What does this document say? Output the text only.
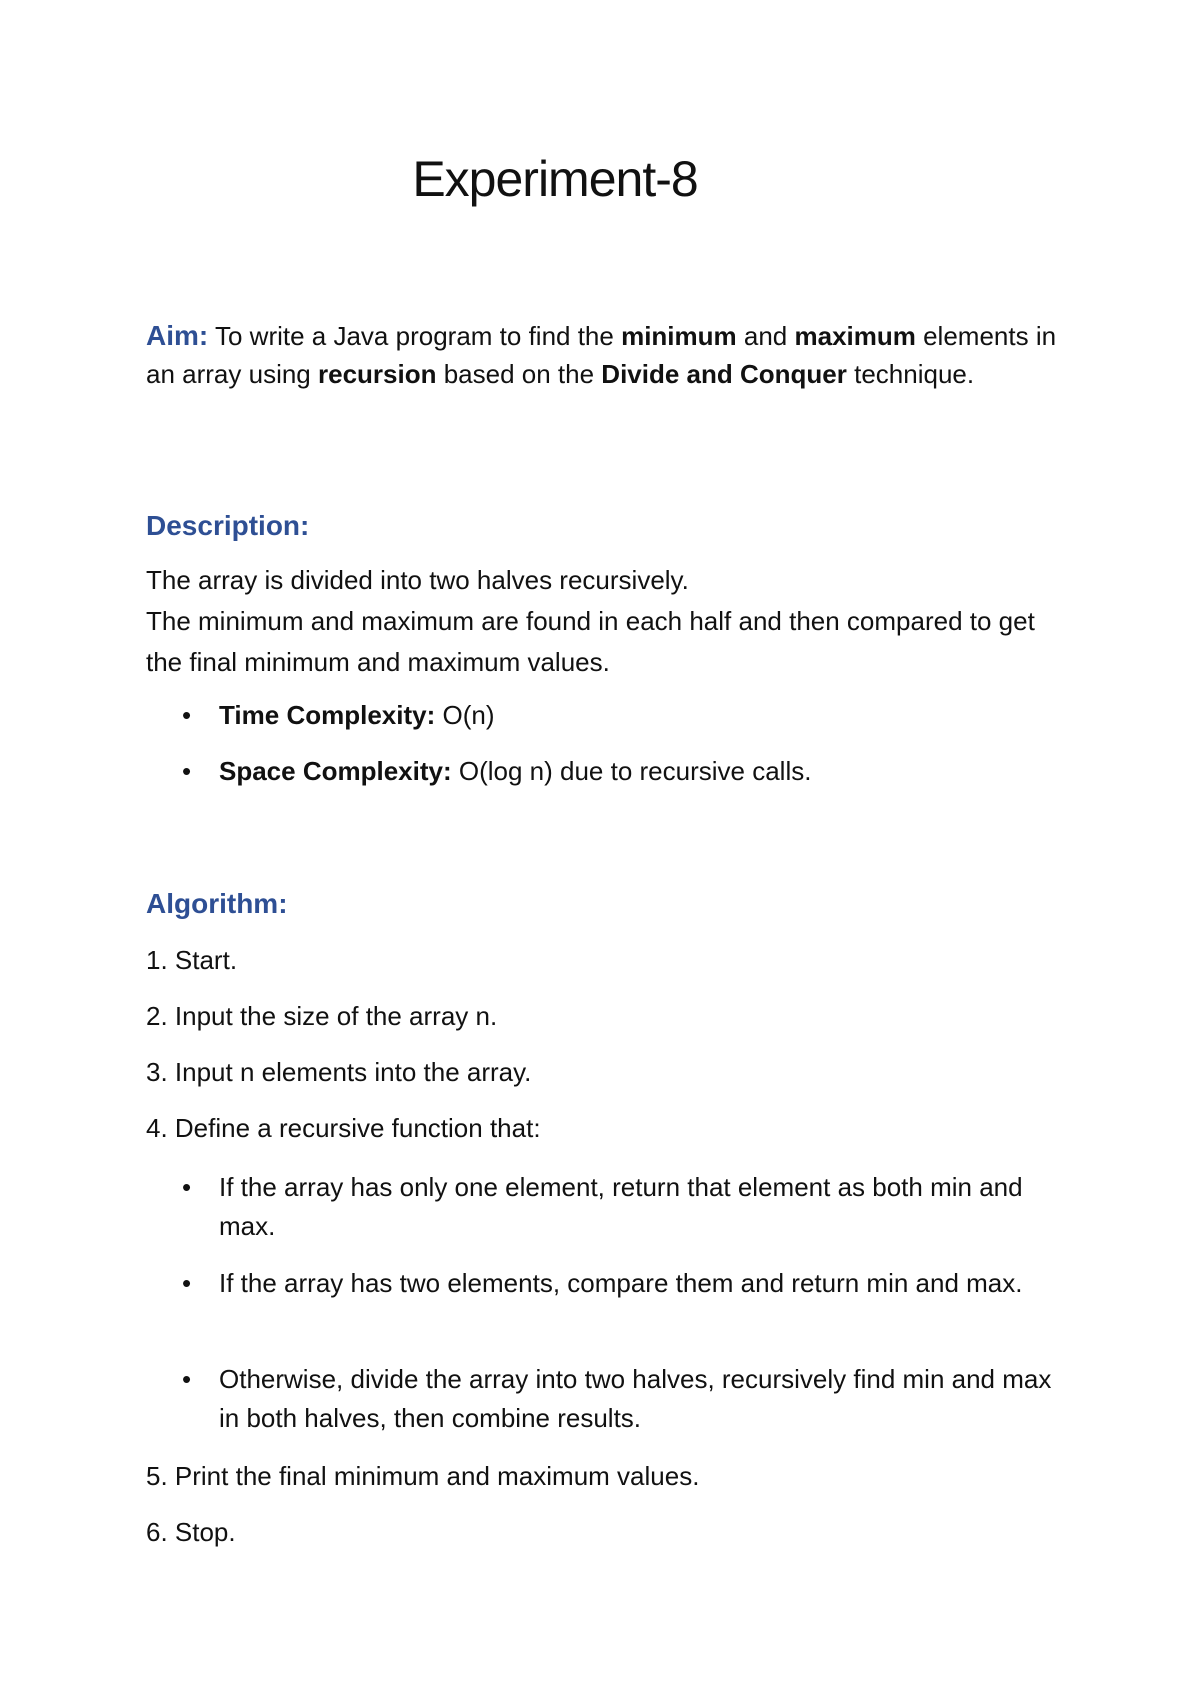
Experiment-8

Aim: To write a Java program to find the minimum and maximum elements in an array using recursion based on the Divide and Conquer technique.

Description:

The array is divided into two halves recursively.
The minimum and maximum are found in each half and then compared to get the final minimum and maximum values.

•	Time Complexity: O(n)
•	Space Complexity: O(log n) due to recursive calls.
Algorithm:

1. Start.

2. Input the size of the array n.

3. Input n elements into the array.

4. Define a recursive function that:

•	If the array has only one element, return that element as both min and max.
•	If the array has two elements, compare them and return min and max.
•	Otherwise, divide the array into two halves, recursively find min and max in both halves, then combine results.

5. Print the final minimum and maximum values.

6. Stop.
